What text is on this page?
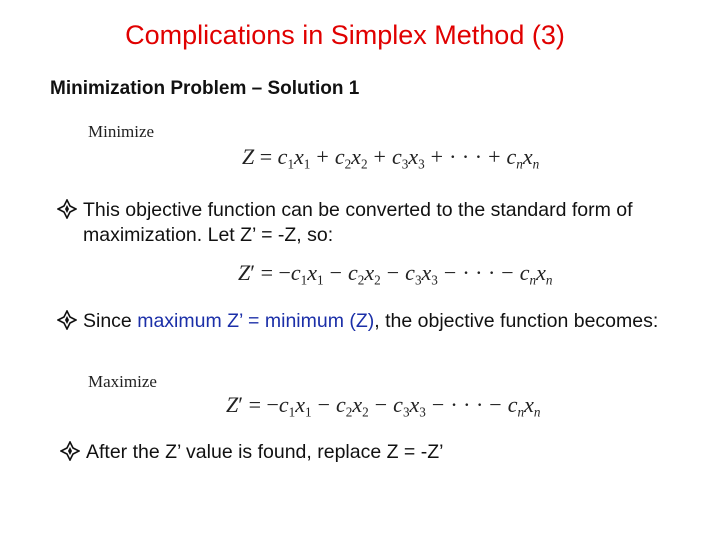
Complications in Simplex Method (3)
Minimization Problem – Solution 1
Minimize
$Z = c_1x_1 + c_2x_2 + c_3x_3$ + · · · + $c_nx_n$
This objective function can be converted to the standard form of maximization. Let Z’ = -Z, so:
$Z' = -c_1x_1 - c_2x_2 - c_3x_3$ − · · · − $c_nx_n$
Since maximum Z’ = minimum (Z), the objective function becomes:
Maximize
$Z' = -c_1x_1 - c_2x_2 - c_3x_3$ − · · · − $c_nx_n$
After the Z’ value is found, replace Z = -Z’
